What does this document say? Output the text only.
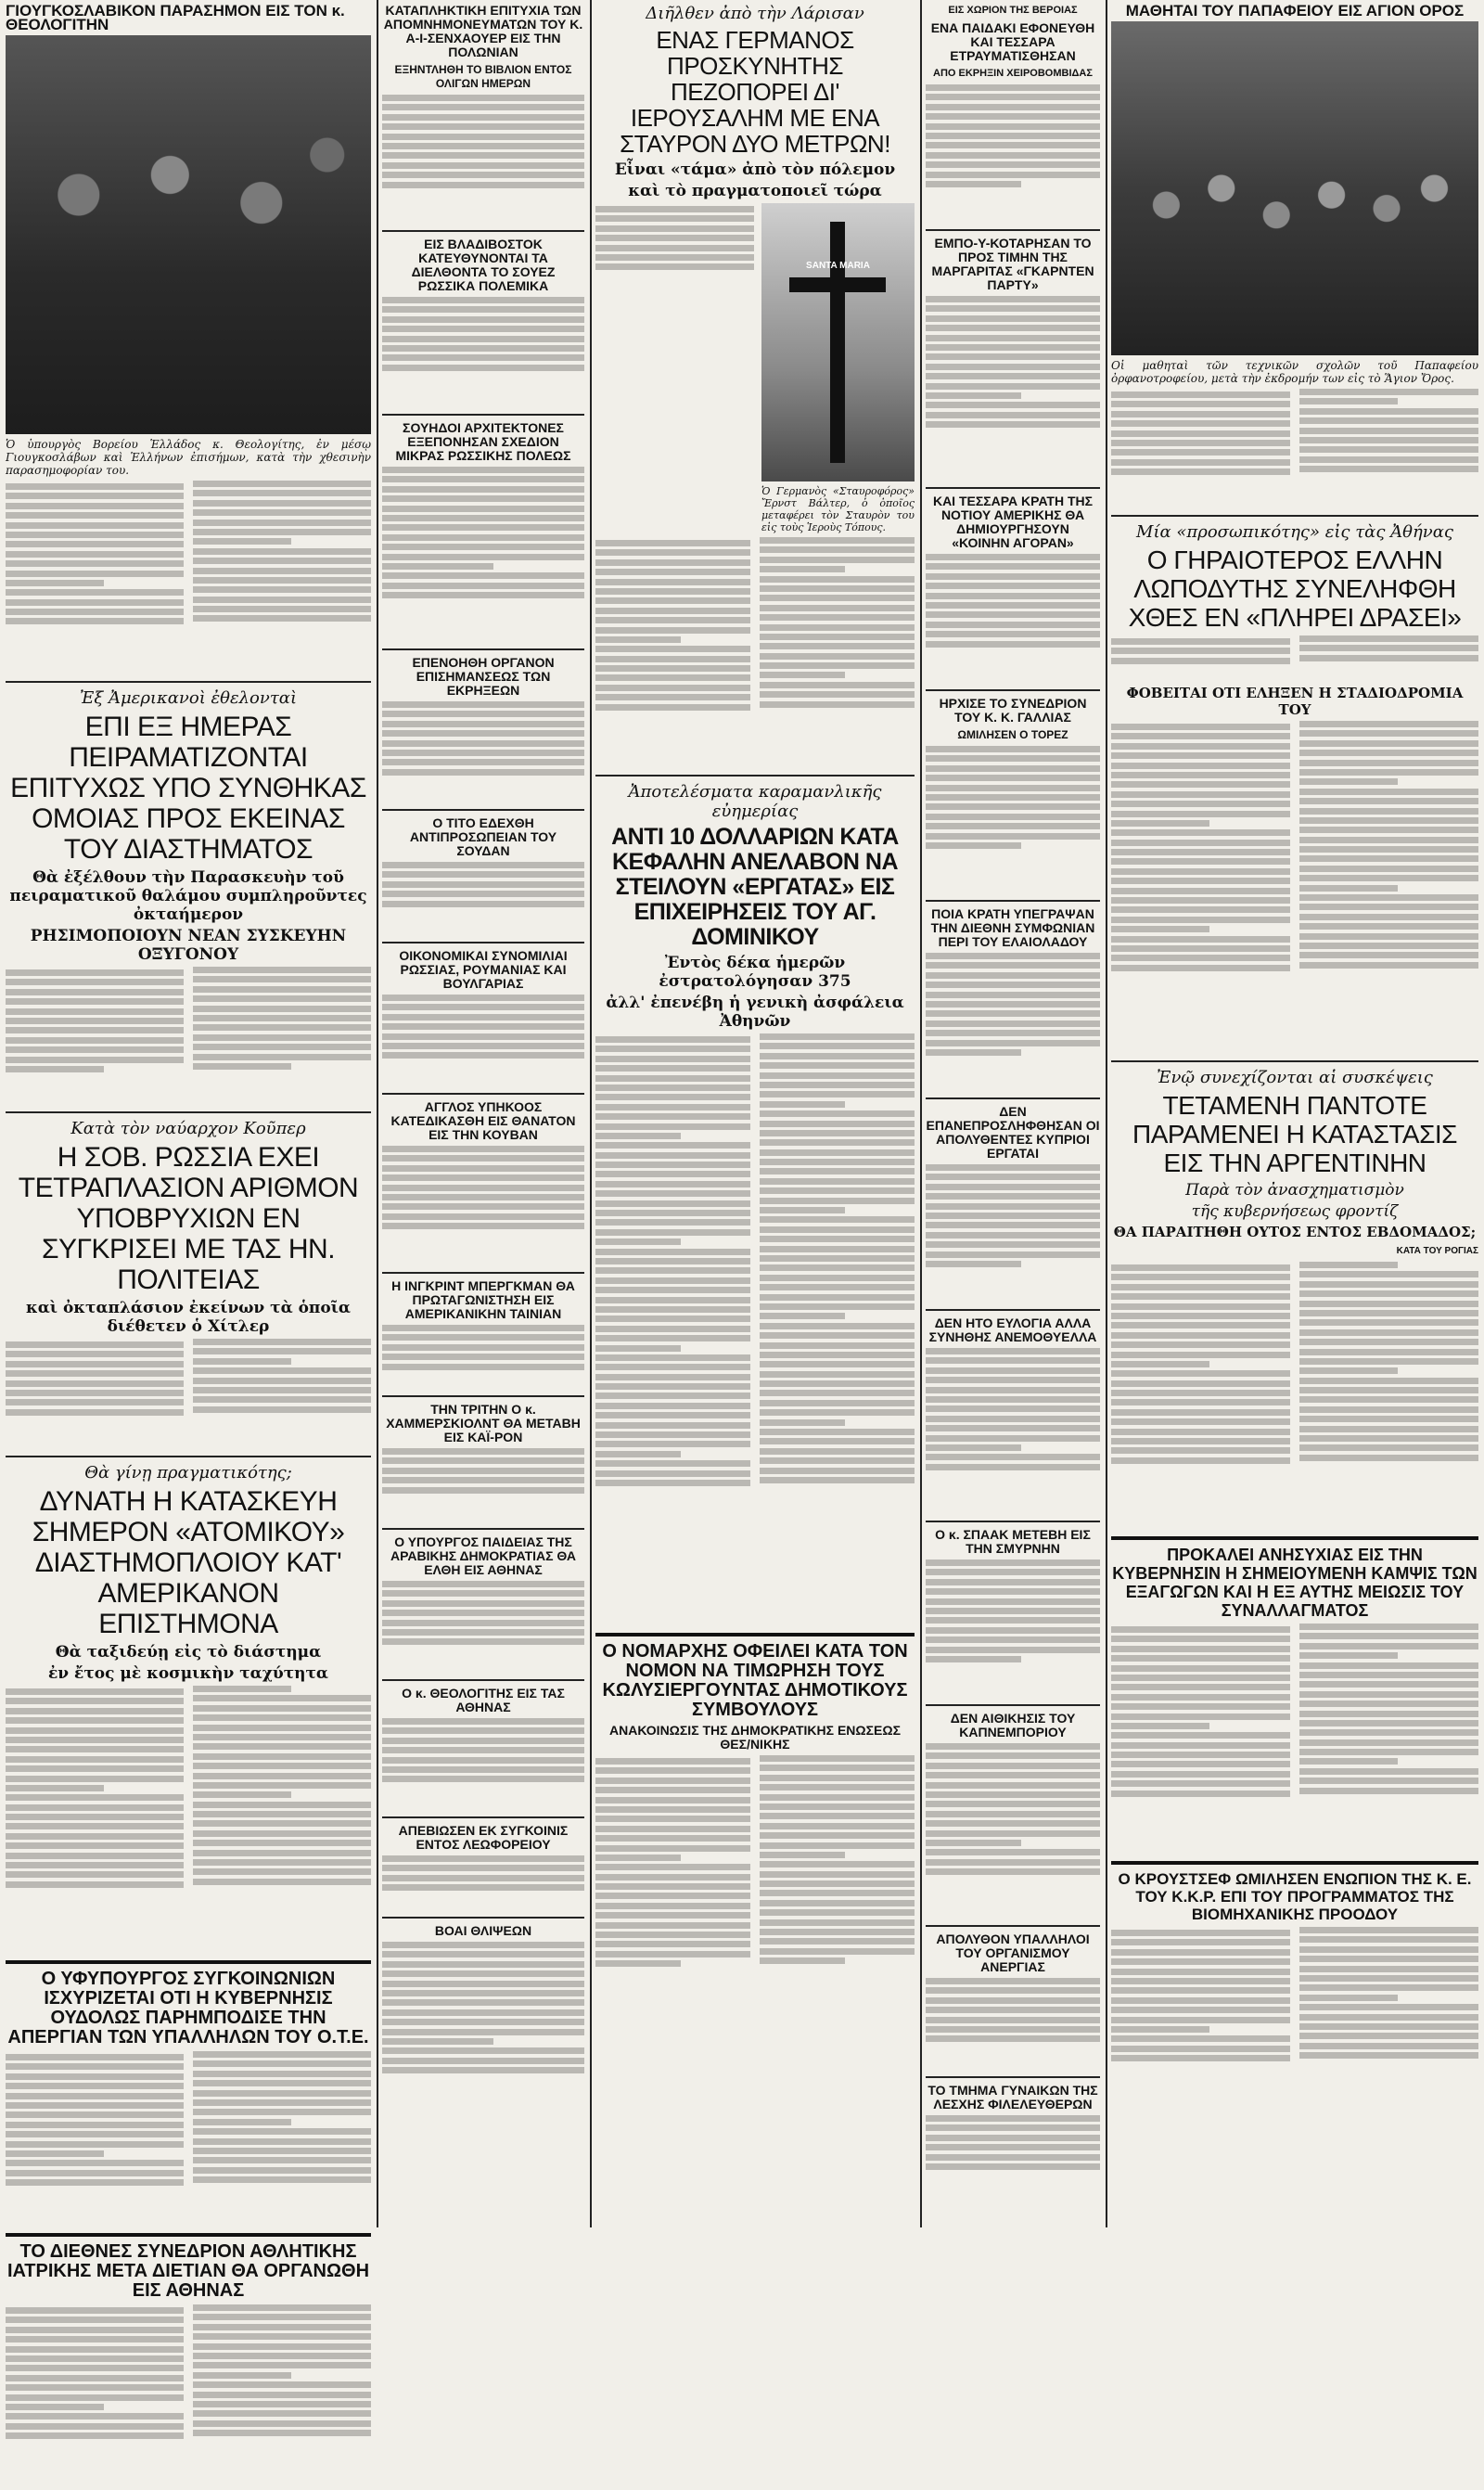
ΓΙΟΥΓΚΟΣΛΑΒΙΚΟΝ ΠΑΡΑΣΗΜΟΝ ΕΙΣ ΤΟΝ κ. ΘΕΟΛΟΓΙΤΗΝ
Ὁ ὑπουργὸς Βορείου Ἑλλάδος κ. Θεολογίτης, ἐν μέσῳ Γιουγκοσλάβων καὶ Ἑλλήνων ἐπισήμων, κατὰ τὴν χθεσινὴν παρασημοφορίαν του.
Ἐξ Ἀμερικανοὶ ἐθελονταὶ
ΕΠΙ ΕΞ ΗΜΕΡΑΣ ΠΕΙΡΑΜΑΤΙΖΟΝΤΑΙ ΕΠΙΤΥΧΩΣ ΥΠΟ ΣΥΝΘΗΚΑΣ ΟΜΟΙΑΣ ΠΡΟΣ ΕΚΕΙΝΑΣ ΤΟΥ ΔΙΑΣΤΗΜΑΤΟΣ
Θὰ ἐξέλθουν τὴν Παρασκευὴν τοῦ πειραματικοῦ θαλάμου συμπληροῦντες ὀκταήμερον
ΡΗΣΙΜΟΠΟΙΟΥΝ ΝΕΑΝ ΣΥΣΚΕΥΗΝ ΟΞΥΓΟΝΟΥ
Κατὰ τὸν ναύαρχον Κοῦπερ
Η ΣΟΒ. ΡΩΣΣΙΑ ΕΧΕΙ ΤΕΤΡΑΠΛΑΣΙΟΝ ΑΡΙΘΜΟΝ ΥΠΟΒΡΥΧΙΩΝ ΕΝ ΣΥΓΚΡΙΣΕΙ ΜΕ ΤΑΣ ΗΝ. ΠΟΛΙΤΕΙΑΣ
καὶ ὀκταπλάσιον ἐκείνων τὰ ὁποῖα διέθετεν ὁ Χίτλερ
Θὰ γίνῃ πραγματικότης;
ΔΥΝΑΤΗ Η ΚΑΤΑΣΚΕΥΗ ΣΗΜΕΡΟΝ «ΑΤΟΜΙΚΟΥ» ΔΙΑΣΤΗΜΟΠΛΟΙΟΥ ΚΑΤ' ΑΜΕΡΙΚΑΝΟΝ ΕΠΙΣΤΗΜΟΝΑ
Θὰ ταξιδεύῃ εἰς τὸ διάστημα
ἐν ἔτος μὲ κοσμικὴν ταχύτητα
Ο ΥΦΥΠΟΥΡΓΟΣ ΣΥΓΚΟΙΝΩΝΙΩΝ ΙΣΧΥΡΙΖΕΤΑΙ ΟΤΙ Η ΚΥΒΕΡΝΗΣΙΣ ΟΥΔΟΛΩΣ ΠΑΡΗΜΠΟΔΙΣΕ ΤΗΝ ΑΠΕΡΓΙΑΝ ΤΩΝ ΥΠΑΛΛΗΛΩΝ ΤΟΥ Ο.Τ.Ε.
ΤΟ ΔΙΕΘΝΕΣ ΣΥΝΕΔΡΙΟΝ ΑΘΛΗΤΙΚΗΣ ΙΑΤΡΙΚΗΣ ΜΕΤΑ ΔΙΕΤΙΑΝ ΘΑ ΟΡΓΑΝΩΘΗ ΕΙΣ ΑΘΗΝΑΣ
ΚΑΤΑΠΛΗΚΤΙΚΗ ΕΠΙΤΥΧΙΑ ΤΩΝ ΑΠΟΜΝΗΜΟΝΕΥΜΑΤΩΝ ΤΟΥ Κ. Α-Ι-ΣΕΝΧΑΟΥΕΡ ΕΙΣ ΤΗΝ ΠΟΛΩΝΙΑΝ
ΕΞΗΝΤΛΗΘΗ ΤΟ ΒΙΒΛΙΟΝ ΕΝΤΟΣ ΟΛΙΓΩΝ ΗΜΕΡΩΝ
ΕΙΣ ΒΛΑΔΙΒΟΣΤΟΚ ΚΑΤΕΥΘΥΝΟΝΤΑΙ ΤΑ ΔΙΕΛΘΟΝΤΑ ΤΟ ΣΟΥΕΖ ΡΩΣΣΙΚΑ ΠΟΛΕΜΙΚΑ
ΣΟΥΗΔΟΙ ΑΡΧΙΤΕΚΤΟΝΕΣ ΕΞΕΠΟΝΗΣΑΝ ΣΧΕΔΙΟΝ ΜΙΚΡΑΣ ΡΩΣΣΙΚΗΣ ΠΟΛΕΩΣ
ΕΠΕΝΟΗΘΗ ΟΡΓΑΝΟΝ ΕΠΙΣΗΜΑΝΣΕΩΣ ΤΩΝ ΕΚΡΗΞΕΩΝ
Ο ΤΙΤΟ ΕΔΕΧΘΗ ΑΝΤΙΠΡΟΣΩΠΕΙΑΝ ΤΟΥ ΣΟΥΔΑΝ
ΟΙΚΟΝΟΜΙΚΑΙ ΣΥΝΟΜΙΛΙΑΙ ΡΩΣΣΙΑΣ, ΡΟΥΜΑΝΙΑΣ ΚΑΙ ΒΟΥΛΓΑΡΙΑΣ
ΑΓΓΛΟΣ ΥΠΗΚΟΟΣ ΚΑΤΕΔΙΚΑΣΘΗ ΕΙΣ ΘΑΝΑΤΟΝ ΕΙΣ ΤΗΝ ΚΟΥΒΑΝ
Η ΙΝΓΚΡΙΝΤ ΜΠΕΡΓΚΜΑΝ ΘΑ ΠΡΩΤΑΓΩΝΙΣΤΗΣΗ ΕΙΣ ΑΜΕΡΙΚΑΝΙΚΗΝ ΤΑΙΝΙΑΝ
ΤΗΝ ΤΡΙΤΗΝ Ο κ. ΧΑΜΜΕΡΣΚΙΟΛΝΤ ΘΑ ΜΕΤΑΒΗ ΕΙΣ ΚΑΪ-ΡΟΝ
Ο ΥΠΟΥΡΓΟΣ ΠΑΙΔΕΙΑΣ ΤΗΣ ΑΡΑΒΙΚΗΣ ΔΗΜΟΚΡΑΤΙΑΣ ΘΑ ΕΛΘΗ ΕΙΣ ΑΘΗΝΑΣ
Ο κ. ΘΕΟΛΟΓΙΤΗΣ ΕΙΣ ΤΑΣ ΑΘΗΝΑΣ
ΑΠΕΒΙΩΣΕΝ ΕΚ ΣΥΓΚΟΙΝΙΣ ΕΝΤΟΣ ΛΕΩΦΟΡΕΙΟΥ
ΒΟΑΙ ΘΛΙΨΕΩΝ
Διῆλθεν ἀπὸ τὴν Λάρισαν
ΕΝΑΣ ΓΕΡΜΑΝΟΣ ΠΡΟΣΚΥΝΗΤΗΣ ΠΕΖΟΠΟΡΕΙ ΔΙ' ΙΕΡΟΥΣΑΛΗΜ ΜΕ ΕΝΑ ΣΤΑΥΡΟΝ ΔΥΟ ΜΕΤΡΩΝ!
Εἶναι «τάμα» ἀπὸ τὸν πόλεμον
καὶ τὸ πραγματοποιεῖ τώρα
SANTA MARIA
Ὁ Γερμανὸς «Σταυροφόρος» Ἔρνστ Βάλτερ, ὁ ὁποῖος μεταφέρει τὸν Σταυρὸν του εἰς τοὺς Ἱεροὺς Τόπους.
Ἀποτελέσματα καραμανλικῆς εὐημερίας
ΑΝΤΙ 10 ΔΟΛΛΑΡΙΩΝ ΚΑΤΑ ΚΕΦΑΛΗΝ ΑΝΕΛΑΒΟΝ ΝΑ ΣΤΕΙΛΟΥΝ «ΕΡΓΑΤΑΣ» ΕΙΣ ΕΠΙΧΕΙΡΗΣΕΙΣ ΤΟΥ ΑΓ. ΔΟΜΙΝΙΚΟΥ
Ἐντὸς δέκα ἡμερῶν ἐστρατολόγησαν 375
ἀλλ' ἐπενέβη ἡ γενικὴ ἀσφάλεια Ἀθηνῶν
Ο ΝΟΜΑΡΧΗΣ ΟΦΕΙΛΕΙ ΚΑΤΑ ΤΟΝ ΝΟΜΟΝ ΝΑ ΤΙΜΩΡΗΣΗ ΤΟΥΣ ΚΩΛΥΣΙΕΡΓΟΥΝΤΑΣ ΔΗΜΟΤΙΚΟΥΣ ΣΥΜΒΟΥΛΟΥΣ
ΑΝΑΚΟΙΝΩΣΙΣ ΤΗΣ ΔΗΜΟΚΡΑΤΙΚΗΣ ΕΝΩΣΕΩΣ ΘΕΣ/ΝΙΚΗΣ
ΕΙΣ ΧΩΡΙΟΝ ΤΗΣ ΒΕΡΟΙΑΣ
ΕΝΑ ΠΑΙΔΑΚΙ ΕΦΟΝΕΥΘΗ ΚΑΙ ΤΕΣΣΑΡΑ ΕΤΡΑΥΜΑΤΙΣΘΗΣΑΝ
ΑΠΟ ΕΚΡΗΞΙΝ ΧΕΙΡΟΒΟΜΒΙΔΑΣ
ΕΜΠΟ-Υ-ΚΟΤΑΡΗΣΑΝ ΤΟ ΠΡΟΣ ΤΙΜΗΝ ΤΗΣ ΜΑΡΓΑΡΙΤΑΣ «ΓΚΑΡΝΤΕΝ ΠΑΡΤΥ»
ΚΑΙ ΤΕΣΣΑΡΑ ΚΡΑΤΗ ΤΗΣ ΝΟΤΙΟΥ ΑΜΕΡΙΚΗΣ ΘΑ ΔΗΜΙΟΥΡΓΗΣΟΥΝ «ΚΟΙΝΗΝ ΑΓΟΡΑΝ»
ΗΡΧΙΣΕ ΤΟ ΣΥΝΕΔΡΙΟΝ ΤΟΥ Κ. Κ. ΓΑΛΛΙΑΣ
ΩΜΙΛΗΣΕΝ Ο ΤΟΡΕΖ
ΠΟΙΑ ΚΡΑΤΗ ΥΠΕΓΡΑΨΑΝ ΤΗΝ ΔΙΕΘΝΗ ΣΥΜΦΩΝΙΑΝ ΠΕΡΙ ΤΟΥ ΕΛΑΙΟΛΑΔΟΥ
ΔΕΝ ΕΠΑΝΕΠΡΟΣΛΗΦΘΗΣΑΝ ΟΙ ΑΠΟΛΥΘΕΝΤΕΣ ΚΥΠΡΙΟΙ ΕΡΓΑΤΑΙ
ΔΕΝ ΗΤΟ ΕΥΛΟΓΙΑ ΑΛΛΑ ΣΥΝΗΘΗΣ ΑΝΕΜΟΘΥΕΛΛΑ
Ο κ. ΣΠΑΑΚ ΜΕΤΕΒΗ ΕΙΣ ΤΗΝ ΣΜΥΡΝΗΝ
ΔΕΝ ΑΙΘΙΚΗΣΙΣ ΤΟΥ ΚΑΠΝΕΜΠΟΡΙΟΥ
ΑΠΟΛΥΘΟΝ ΥΠΑΛΛΗΛΟΙ ΤΟΥ ΟΡΓΑΝΙΣΜΟΥ ΑΝΕΡΓΙΑΣ
ΤΟ ΤΜΗΜΑ ΓΥΝΑΙΚΩΝ ΤΗΣ ΛΕΣΧΗΣ ΦΙΛΕΛΕΥΘΕΡΩΝ
ΜΑΘΗΤΑΙ ΤΟΥ ΠΑΠΑΦΕΙΟΥ ΕΙΣ ΑΓΙΟΝ ΟΡΟΣ
Οἱ μαθηταὶ τῶν τεχνικῶν σχολῶν τοῦ Παπαφείου ὀρφανοτροφείου, μετὰ τὴν ἐκδρομήν των εἰς τὸ Ἅγιον Ὄρος.
Μία «προσωπικότης» εἰς τὰς Ἀθήνας
Ο ΓΗΡΑΙΟΤΕΡΟΣ ΕΛΛΗΝ ΛΩΠΟΔΥΤΗΣ ΣΥΝΕΛΗΦΘΗ ΧΘΕΣ ΕΝ «ΠΛΗΡΕΙ ΔΡΑΣΕΙ»
ΦΟΒΕΙΤΑΙ ΟΤΙ ΕΛΗΞΕΝ Η ΣΤΑΔΙΟΔΡΟΜΙΑ ΤΟΥ
Ἐνῷ συνεχίζονται αἱ συσκέψεις
ΤΕΤΑΜΕΝΗ ΠΑΝΤΟΤΕ ΠΑΡΑΜΕΝΕΙ Η ΚΑΤΑΣΤΑΣΙΣ ΕΙΣ ΤΗΝ ΑΡΓΕΝΤΙΝΗΝ
Παρὰ τὸν ἀνασχηματισμὸν
τῆς κυβερνήσεως φροντίζ
ΘΑ ΠΑΡΑΙΤΗΘΗ ΟΥΤΟΣ ΕΝΤΟΣ ΕΒΔΟΜΑΔΟΣ;
ΚΑΤΑ ΤΟΥ ΡΟΓΙΑΣ
ΠΡΟΚΑΛΕΙ ΑΝΗΣΥΧΙΑΣ ΕΙΣ ΤΗΝ ΚΥΒΕΡΝΗΣΙΝ Η ΣΗΜΕΙΟΥΜΕΝΗ ΚΑΜΨΙΣ ΤΩΝ ΕΞΑΓΩΓΩΝ ΚΑΙ Η ΕΞ ΑΥΤΗΣ ΜΕΙΩΣΙΣ ΤΟΥ ΣΥΝΑΛΛΑΓΜΑΤΟΣ
Ο ΚΡΟΥΣΤΣΕΦ ΩΜΙΛΗΣΕΝ ΕΝΩΠΙΟΝ ΤΗΣ Κ. Ε. ΤΟΥ Κ.Κ.Ρ. ΕΠΙ ΤΟΥ ΠΡΟΓΡΑΜΜΑΤΟΣ ΤΗΣ ΒΙΟΜΗΧΑΝΙΚΗΣ ΠΡΟΟΔΟΥ
